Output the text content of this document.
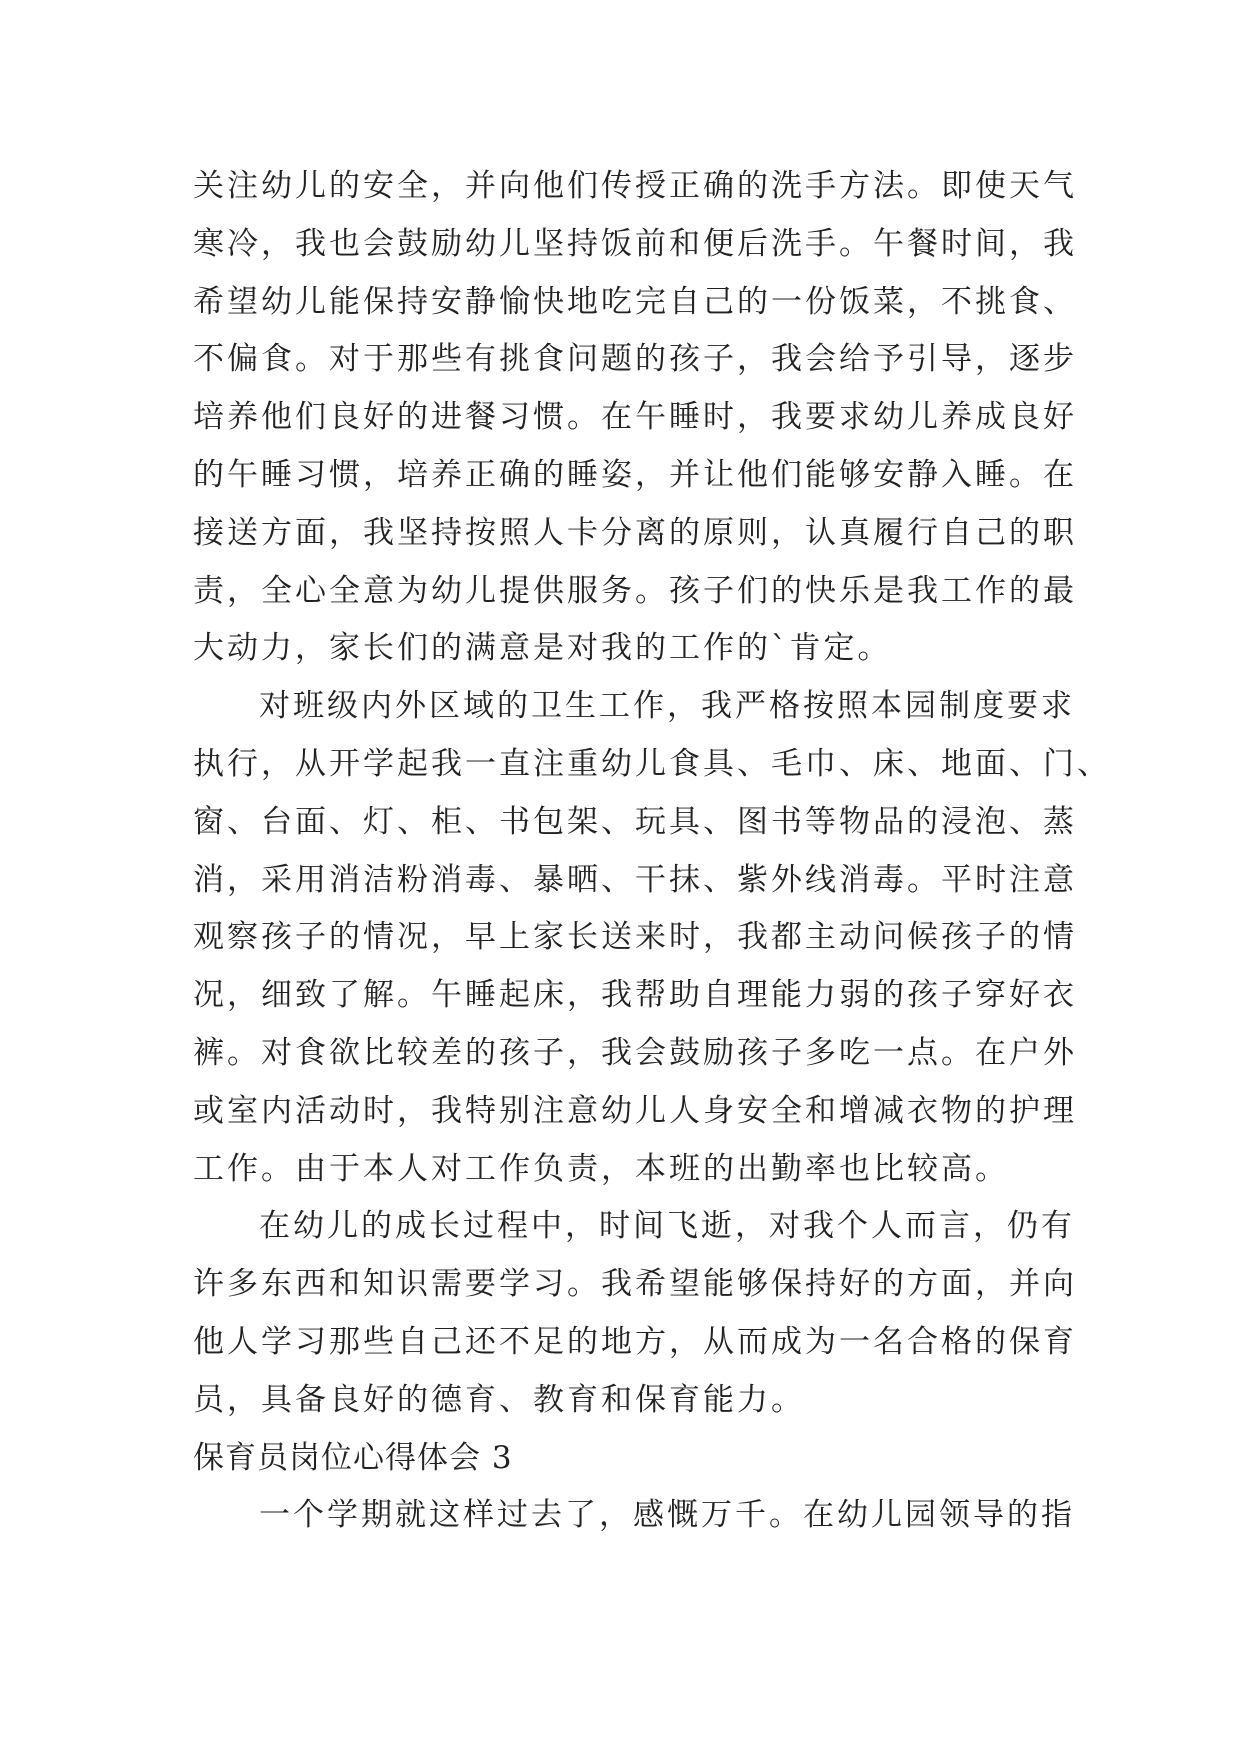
关注幼儿的安全，并向他们传授正确的洗手方法。即使天气
寒冷，我也会鼓励幼儿坚持饭前和便后洗手。午餐时间，我
希望幼儿能保持安静愉快地吃完自己的一份饭菜，不挑食、
不偏食。对于那些有挑食问题的孩子，我会给予引导，逐步
培养他们良好的进餐习惯。在午睡时，我要求幼儿养成良好
的午睡习惯，培养正确的睡姿，并让他们能够安静入睡。在
接送方面，我坚持按照人卡分离的原则，认真履行自己的职
责，全心全意为幼儿提供服务。孩子们的快乐是我工作的最
大动力，家长们的满意是对我的工作的`肯定。
对班级内外区域的卫生工作，我严格按照本园制度要求
执行，从开学起我一直注重幼儿食具、毛巾、床、地面、门、
窗、台面、灯、柜、书包架、玩具、图书等物品的浸泡、蒸
消，采用消洁粉消毒、暴晒、干抹、紫外线消毒。平时注意
观察孩子的情况，早上家长送来时，我都主动问候孩子的情
况，细致了解。午睡起床，我帮助自理能力弱的孩子穿好衣
裤。对食欲比较差的孩子，我会鼓励孩子多吃一点。在户外
或室内活动时，我特别注意幼儿人身安全和增减衣物的护理
工作。由于本人对工作负责，本班的出勤率也比较高。
在幼儿的成长过程中，时间飞逝，对我个人而言，仍有
许多东西和知识需要学习。我希望能够保持好的方面，并向
他人学习那些自己还不足的地方，从而成为一名合格的保育
员，具备良好的德育、教育和保育能力。
保育员岗位心得体会 3
一个学期就这样过去了，感慨万千。在幼儿园领导的指
